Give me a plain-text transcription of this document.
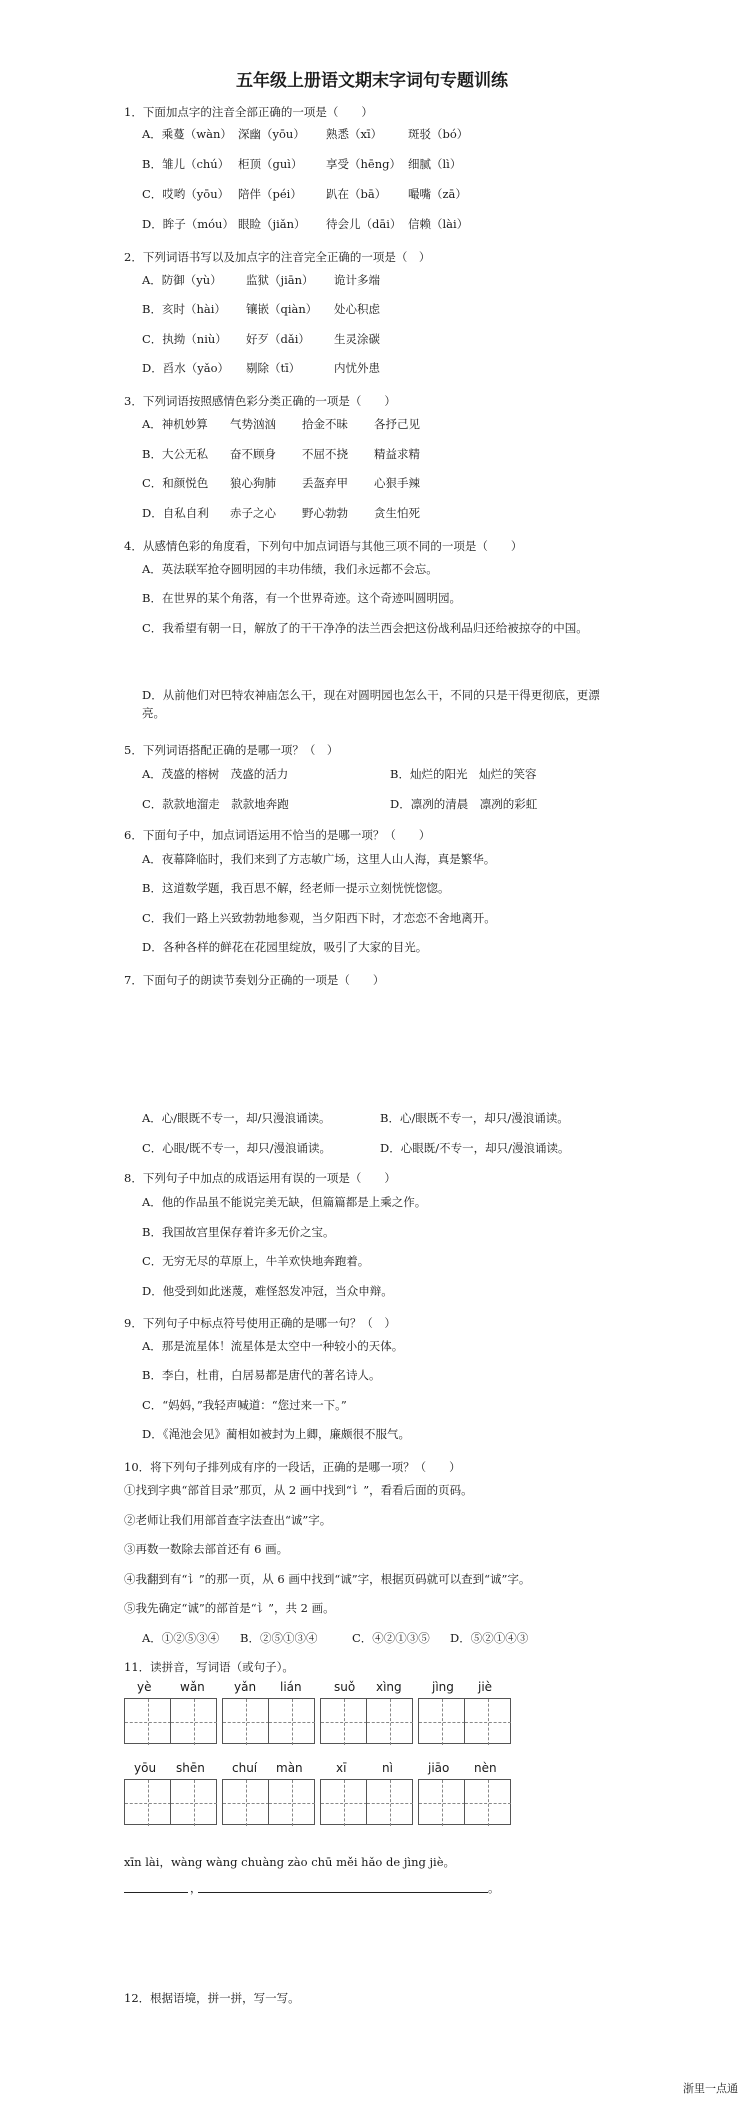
五年级上册语文期末字词句专题训练
1．下面加点字的注音全部正确的一项是（　　）
A．乘蔓（wàn） 深幽（yōu） 熟悉（xī） 斑驳（bó）
B．雏儿（chú） 柜顶（guì） 享受（hēng） 细腻（lì）
C．哎哟（yōu） 陪伴（péi） 趴在（bā） 嘬嘴（zā）
D．眸子（móu） 眼睑（jiǎn） 待会儿（dāi） 信赖（lài）
2．下列词语书写以及加点字的注音完全正确的一项是（　）
A．防御（yù） 监狱（jiān） 诡计多端
B．亥时（hài） 镶嵌（qiàn） 处心积虑
C．执拗（niù） 好歹（dǎi） 生灵涂碳
D．舀水（yǎo） 剔除（tī）	内忧外患
3．下列词语按照感情色彩分类正确的一项是（　　）
A．神机妙算 气势汹汹 拾金不昧 各抒己见
B．大公无私 奋不顾身 不屈不挠 精益求精
C．和颜悦色 狼心狗肺 丢盔弃甲 心狠手辣
D．自私自利 赤子之心 野心勃勃 贪生怕死
4．从感情色彩的角度看，下列句中加点词语与其他三项不同的一项是（　　）
A．英法联军抢夺圆明园的丰功伟绩，我们永远都不会忘。
B．在世界的某个角落，有一个世界奇迹。这个奇迹叫圆明园。
C．我希望有朝一日，解放了的干干净净的法兰西会把这份战利品归还给被掠夺的中国。
D．从前他们对巴特农神庙怎么干，现在对圆明园也怎么干，不同的只是干得更彻底，更漂亮。
5．下列词语搭配正确的是哪一项？（　）
A．茂盛的榕树　茂盛的活力	B．灿烂的阳光　灿烂的笑容
C．款款地溜走　款款地奔跑	D．凛冽的清晨　凛冽的彩虹
6．下面句子中，加点词语运用不恰当的是哪一项？（　　）
A．夜幕降临时，我们来到了方志敏广场，这里人山人海，真是繁华。
B．这道数学题，我百思不解，经老师一提示立刻恍恍惚惚。
C．我们一路上兴致勃勃地参观，当夕阳西下时，才恋恋不舍地离开。
D．各种各样的鲜花在花园里绽放，吸引了大家的目光。
7．下面句子的朗读节奏划分正确的一项是（　　）
A．心/眼既不专一，却/只漫浪诵读。	B．心/眼既不专一，却只/漫浪诵读。
C．心眼/既不专一，却只/漫浪诵读。	D．心眼既/不专一，却只/漫浪诵读。
8．下列句子中加点的成语运用有误的一项是（　　）
A．他的作品虽不能说完美无缺，但篇篇都是上乘之作。
B．我国故宫里保存着许多无价之宝。
C．无穷无尽的草原上，牛羊欢快地奔跑着。
D．他受到如此迷蔑，难怪怒发冲冠，当众申辩。
9．下列句子中标点符号使用正确的是哪一句？（　）
A．那是流星体！流星体是太空中一种较小的天体。
B．李白，杜甫，白居易都是唐代的著名诗人。
C．“妈妈，”我轻声喊道：“您过来一下。”
D．《渑池会见》蔺相如被封为上卿，廉颇很不服气。
10．将下列句子排列成有序的一段话，正确的是哪一项？（　　）
①找到字典“部首目录”那页，从 2 画中找到“讠”，看看后面的页码。
②老师让我们用部首查字法查出“诚”字。
③再数一数除去部首还有 6 画。
④我翻到有“讠”的那一页，从 6 画中找到“诚”字，根据页码就可以查到“诚”字。
⑤我先确定“诚”的部首是“讠”，共 2 画。
A．①②⑤③④ B．②⑤①③④	C．④②①③⑤ D．⑤②①④③
11．读拼音，写词语（或句子）。
yè wǎn yǎn lián	suǒ xìng	jìng jiè
yōu shēn chuí màn	xī	nì	jiāo nèn
xīn lài，wàng wàng chuàng zào chū měi hǎo de jìng jiè。
，	。
12．根据语境，拼一拼，写一写。
浙里一点通
